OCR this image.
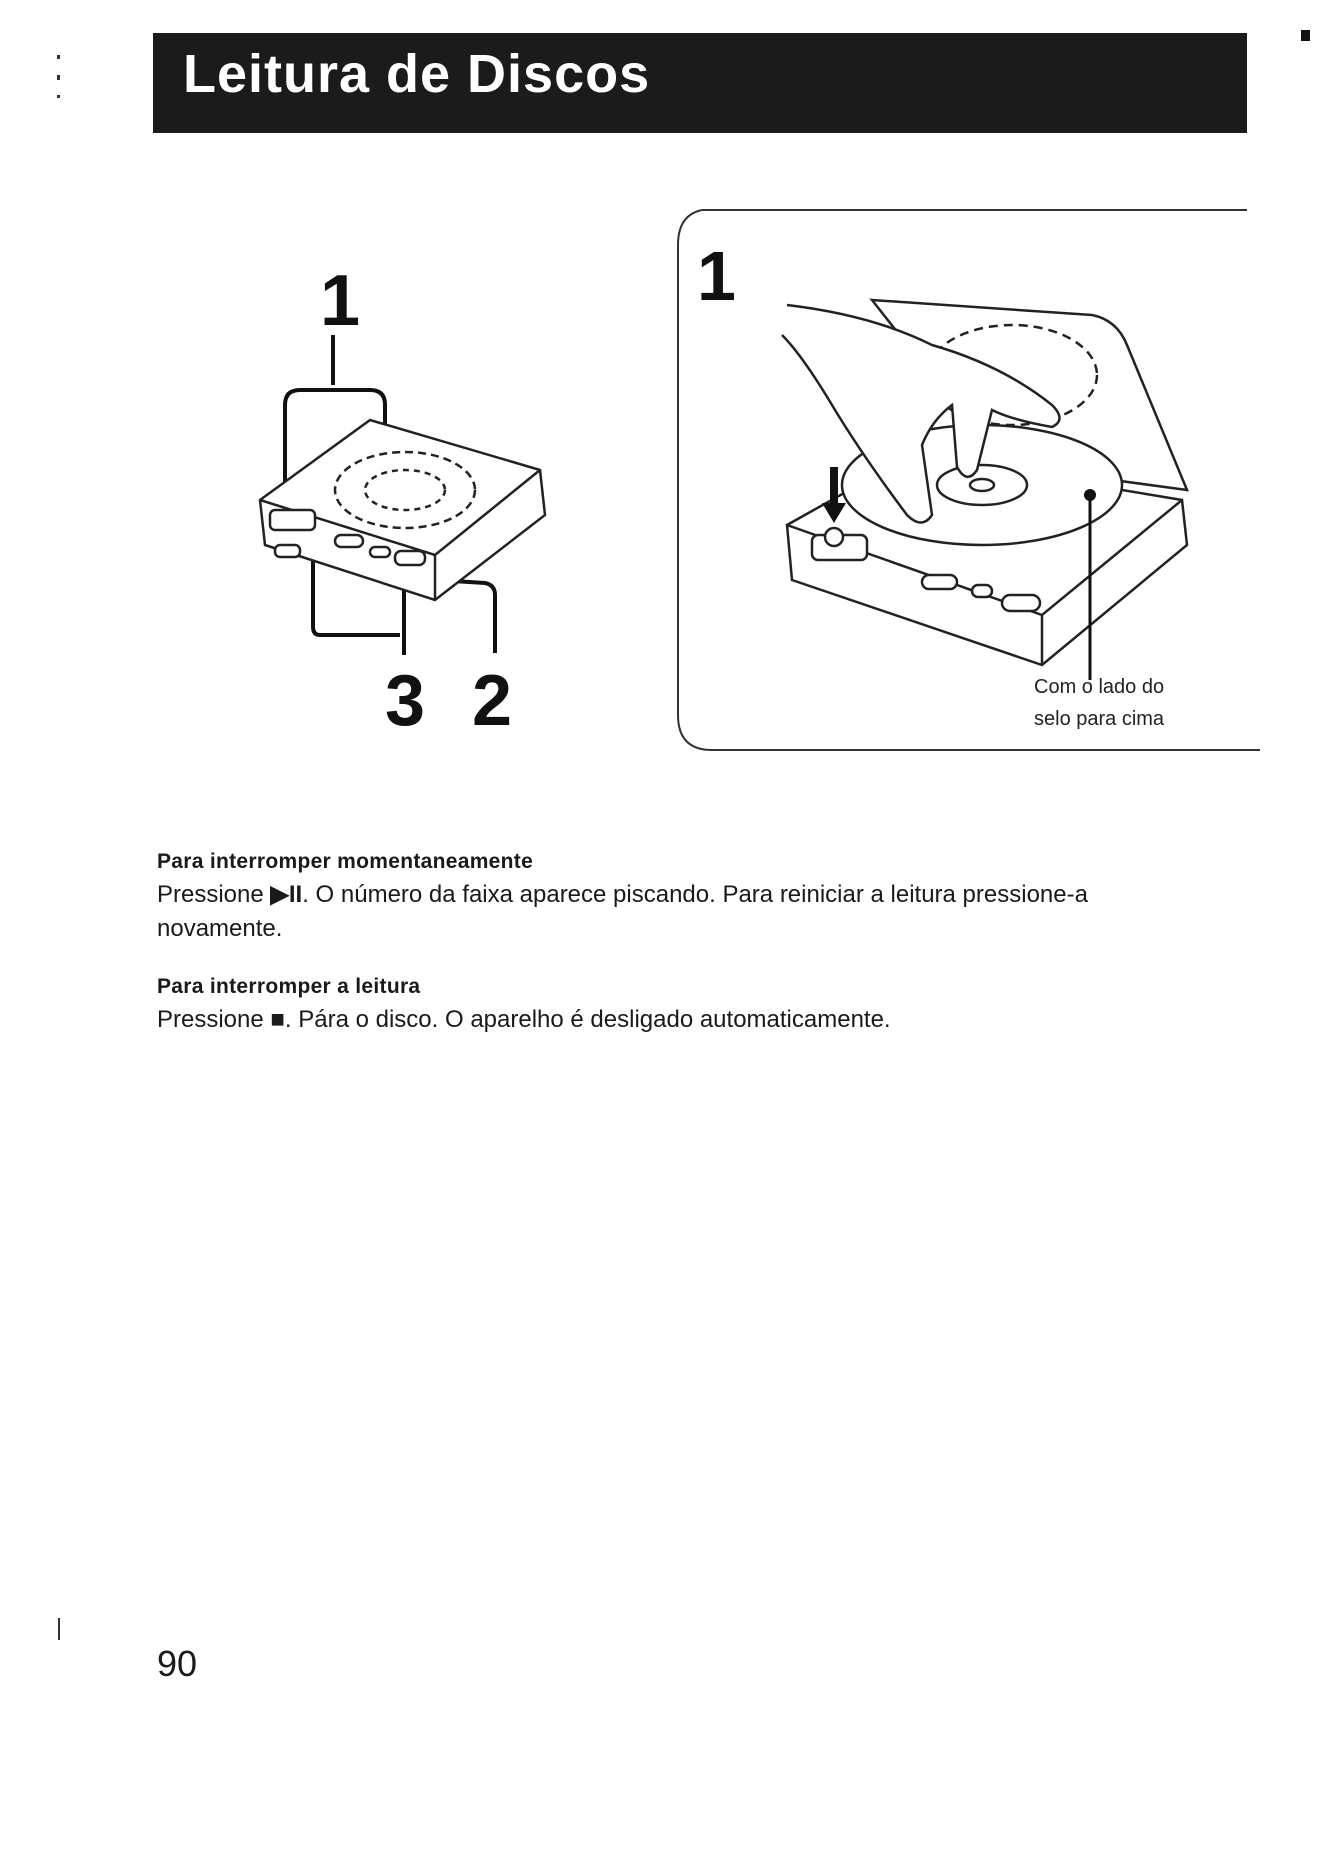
Leitura de Discos
1
3 2
1
Com o lado do
selo para cima
Para interromper momentaneamente

Pressione ▶II. O número da faixa aparece piscando. Para reiniciar a leitura pressione-a
novamente.

Para interromper a leitura

Pressione ■. Pára o disco. O aparelho é desligado automaticamente.

90
